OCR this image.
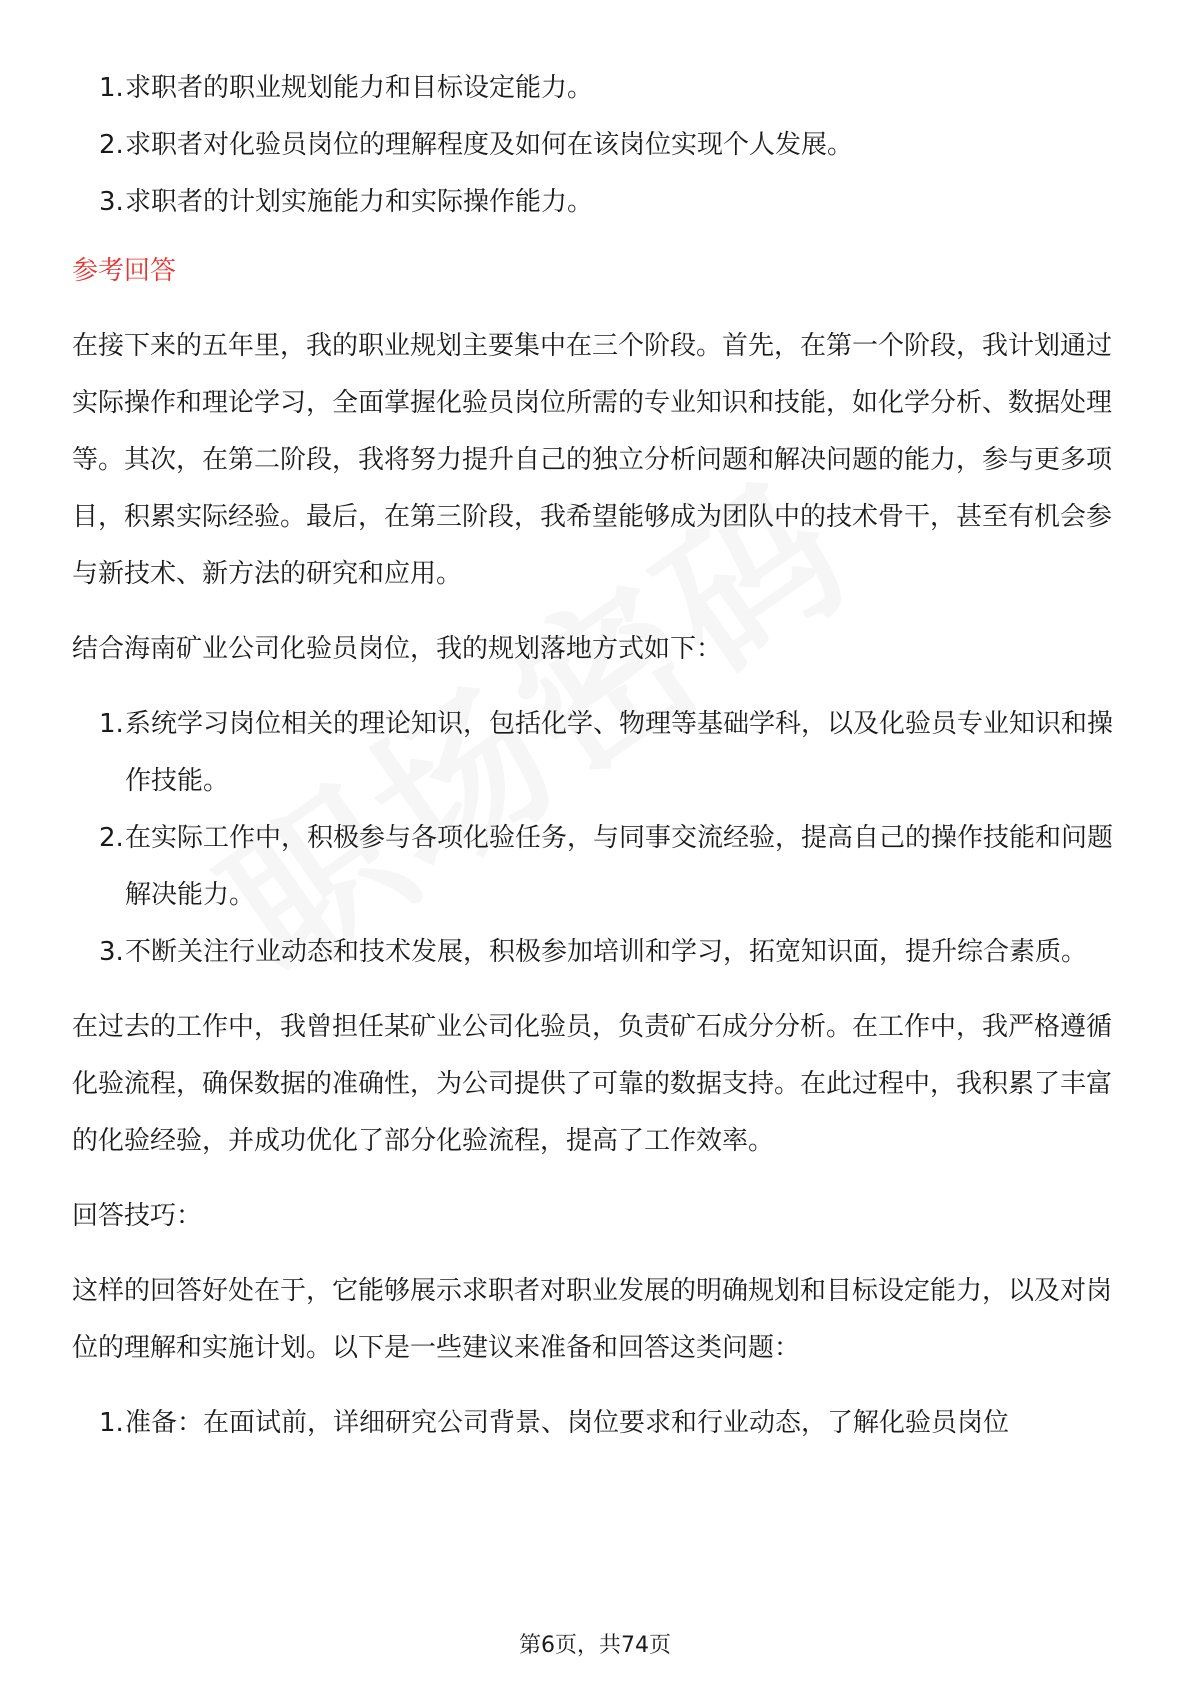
1. 求职者的职业规划能力和目标设定能力。
2. 求职者对化验员岗位的理解程度及如何在该岗位实现个人发展。
3. 求职者的计划实施能力和实际操作能力。
参考回答

在接下来的五年里，我的职业规划主要集中在三个阶段。首先，在第一个阶段，我计划通过实际操作和理论学习，全面掌握化验员岗位所需的专业知识和技能，如化学分析、数据处理等。其次，在第二阶段，我将努力提升自己的独立分析问题和解决问题的能力，参与更多项目，积累实际经验。最后，在第三阶段，我希望能够成为团队中的技术骨干，甚至有机会参与新技术、新方法的研究和应用。

结合海南矿业公司化验员岗位，我的规划落地方式如下：

1. 系统学习岗位相关的理论知识，包括化学、物理等基础学科，以及化验员专业知识和操作技能。
2. 在实际工作中，积极参与各项化验任务，与同事交流经验，提高自己的操作技能和问题解决能力。
3. 不断关注行业动态和技术发展，积极参加培训和学习，拓宽知识面，提升综合素质。

在过去的工作中，我曾担任某矿业公司化验员，负责矿石成分分析。在工作中，我严格遵循化验流程，确保数据的准确性，为公司提供了可靠的数据支持。在此过程中，我积累了丰富的化验经验，并成功优化了部分化验流程，提高了工作效率。

回答技巧：

这样的回答好处在于，它能够展示求职者对职业发展的明确规划和目标设定能力，以及对岗位的理解和实施计划。以下是一些建议来准备和回答这类问题：

1. 准备：在面试前，详细研究公司背景、岗位要求和行业动态，了解化验员岗位
第6页，共74页
